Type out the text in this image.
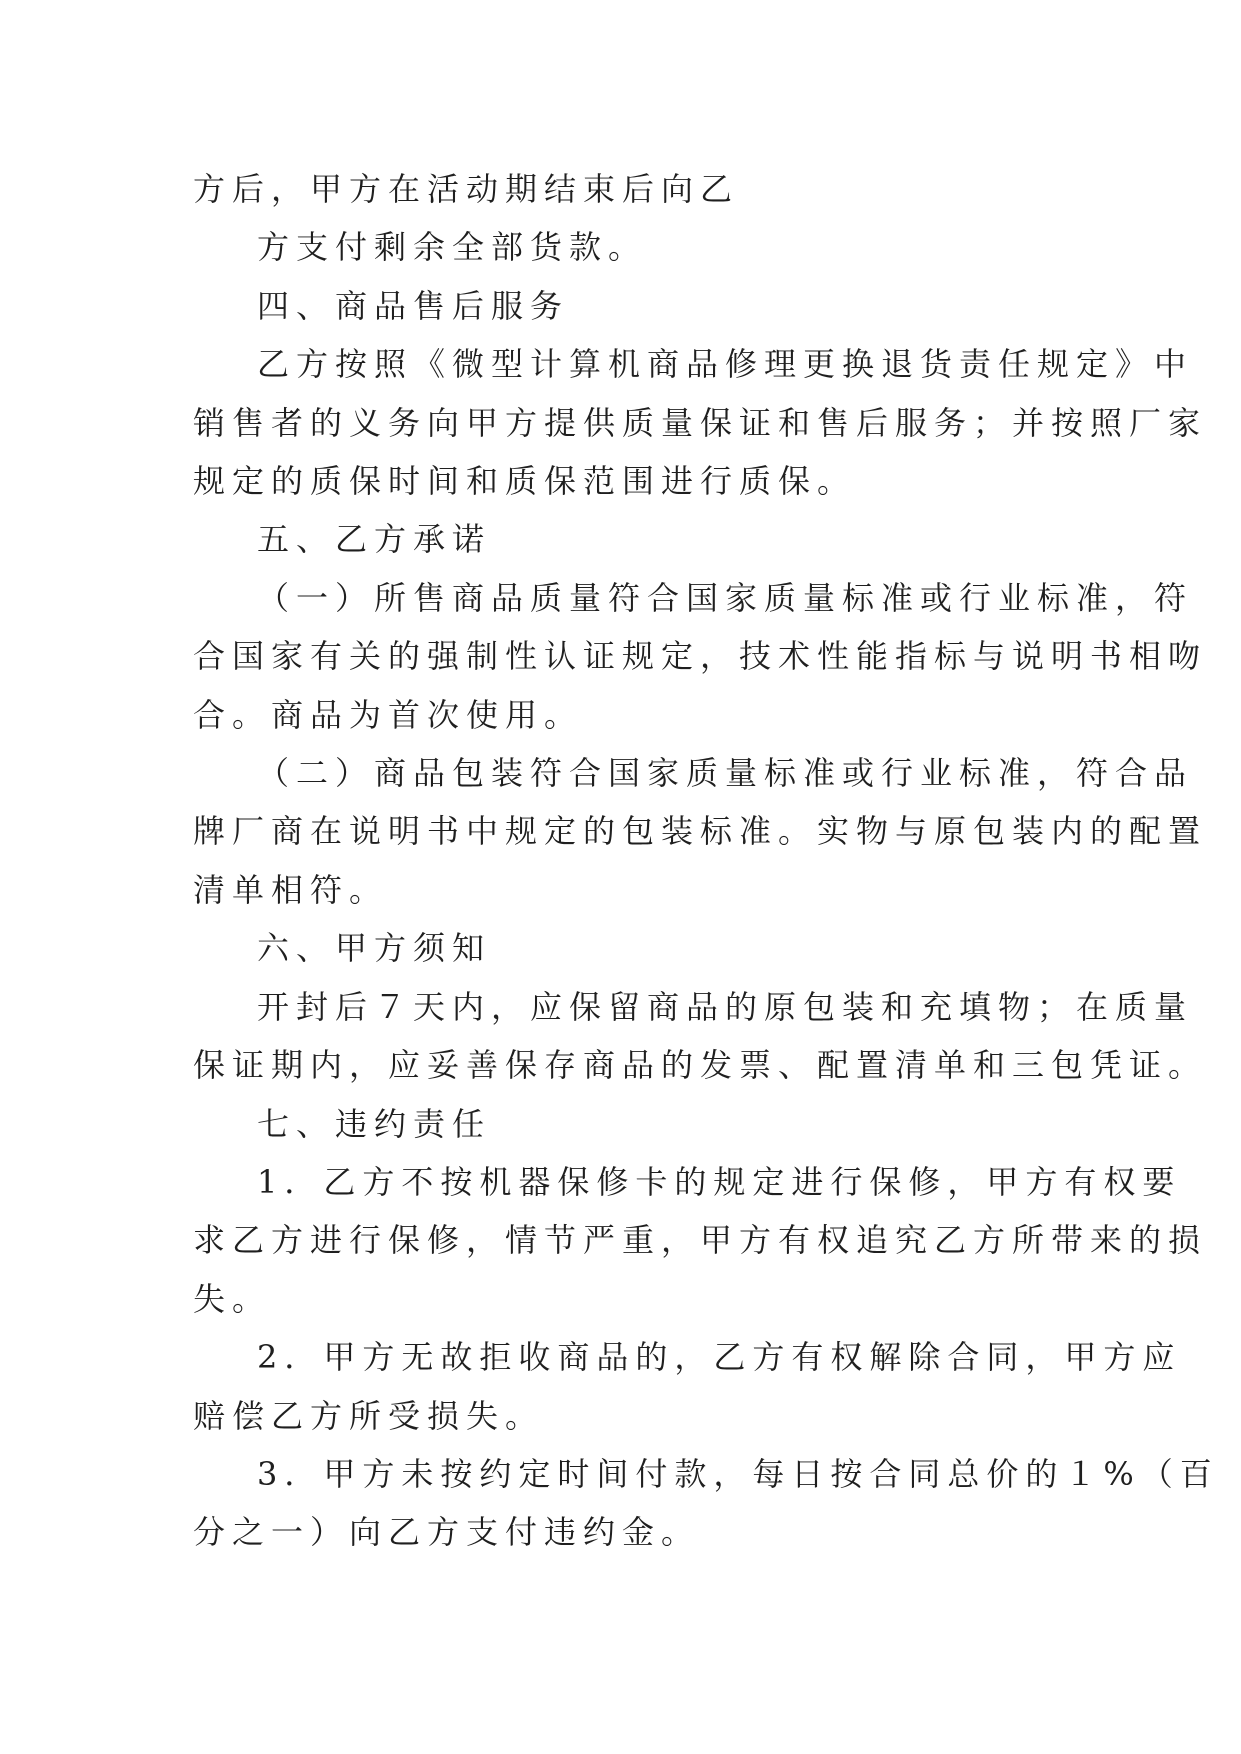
方后，甲方在活动期结束后向乙

方支付剩余全部货款。

四、商品售后服务

乙方按照《微型计算机商品修理更换退货责任规定》中

销售者的义务向甲方提供质量保证和售后服务；并按照厂家

规定的质保时间和质保范围进行质保。

五、乙方承诺

（一）所售商品质量符合国家质量标准或行业标准，符

合国家有关的强制性认证规定，技术性能指标与说明书相吻

合。商品为首次使用。

（二）商品包装符合国家质量标准或行业标准，符合品

牌厂商在说明书中规定的包装标准。实物与原包装内的配置

清单相符。

六、甲方须知

开封后７天内，应保留商品的原包装和充填物；在质量

保证期内，应妥善保存商品的发票、配置清单和三包凭证。

七、违约责任

1．乙方不按机器保修卡的规定进行保修，甲方有权要

求乙方进行保修，情节严重，甲方有权追究乙方所带来的损

失。

2．甲方无故拒收商品的，乙方有权解除合同，甲方应

赔偿乙方所受损失。

3．甲方未按约定时间付款，每日按合同总价的１%（百

分之一）向乙方支付违约金。
